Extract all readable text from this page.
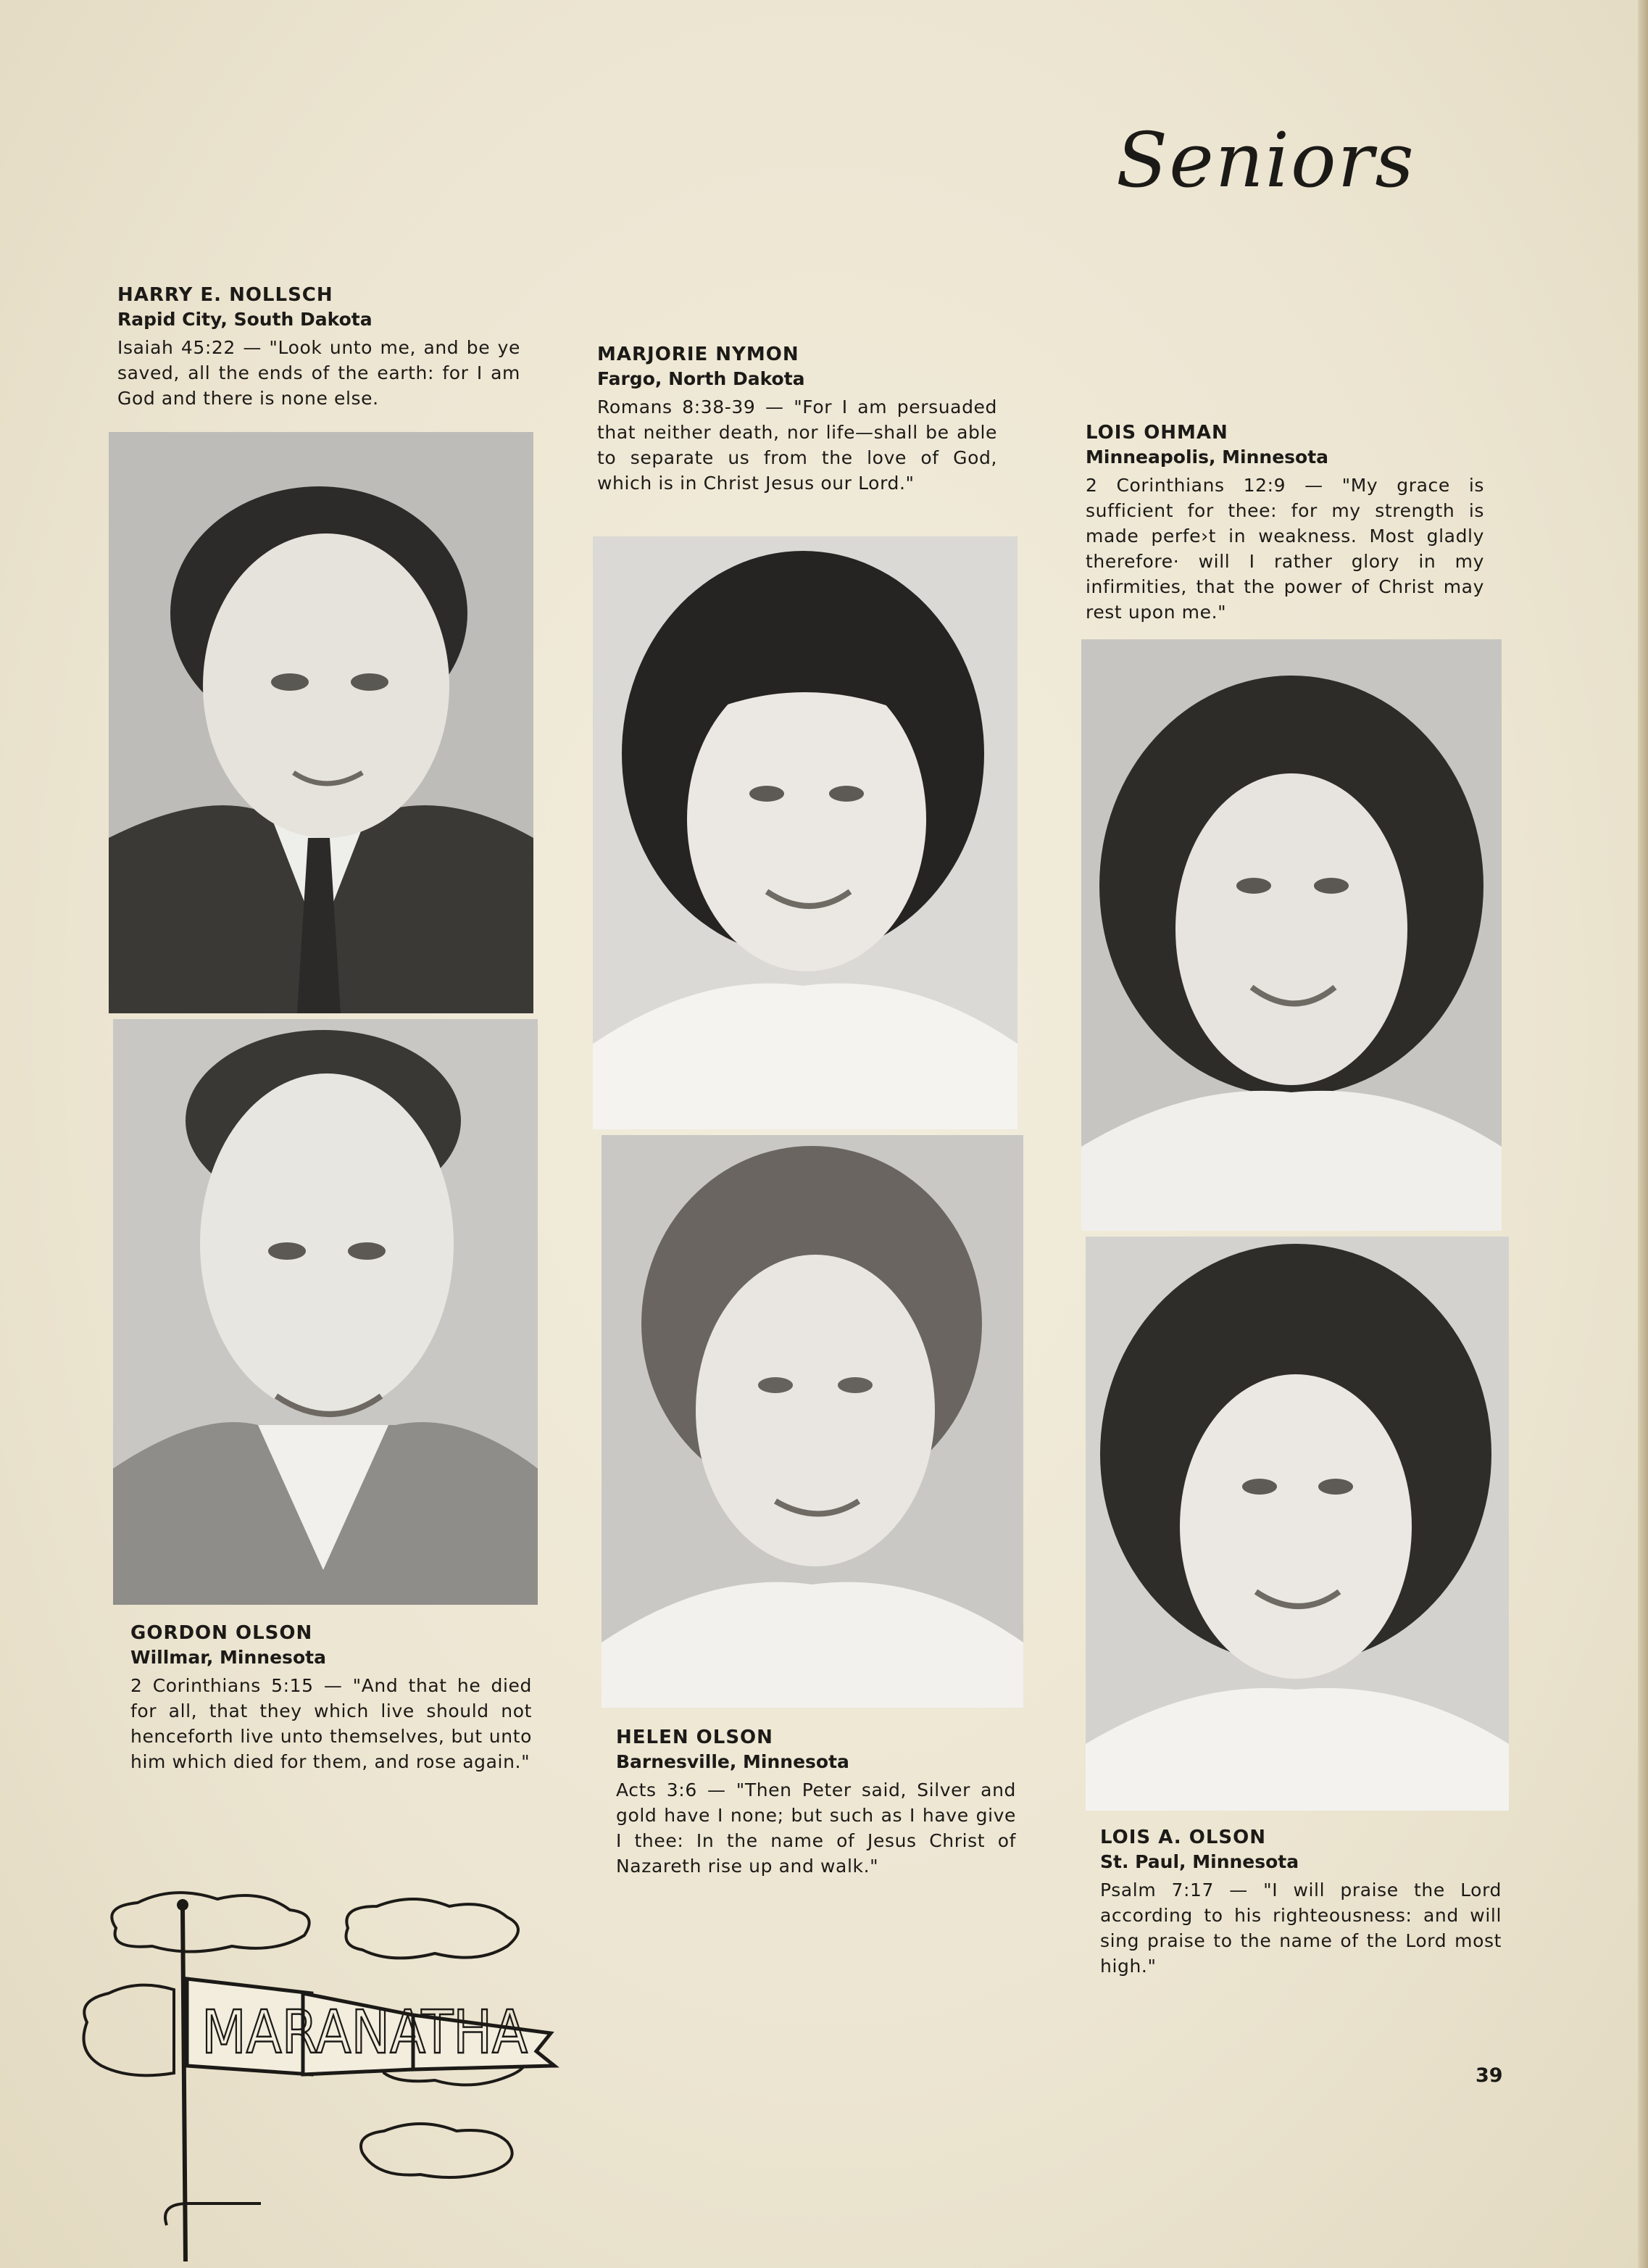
Seniors
HARRY E. NOLLSCH
Rapid City, South Dakota
Isaiah 45:22 — "Look unto me, and be ye saved, all the ends of the earth: for I am God and there is none else.
GORDON OLSON
Willmar, Minnesota
2 Corinthians 5:15 — "And that he died for all, that they which live should not henceforth live unto themselves, but unto him which died for them, and rose again."
MARJORIE NYMON
Fargo, North Dakota
Romans 8:38-39 — "For I am persuaded that neither death, nor life—shall be able to separate us from the love of God, which is in Christ Jesus our Lord."
HELEN OLSON
Barnesville, Minnesota
Acts 3:6 — "Then Peter said, Silver and gold have I none; but such as I have give I thee: In the name of Jesus Christ of Nazareth rise up and walk."
LOIS OHMAN
Minneapolis, Minnesota
2 Corinthians 12:9 — "My grace is sufficient for thee: for my strength is made perfe›t in weakness. Most gladly therefore· will I rather glory in my infirmities, that the power of Christ may rest upon me."
LOIS A. OLSON
St. Paul, Minnesota
Psalm 7:17 — "I will praise the Lord according to his righteousness: and will sing praise to the name of the Lord most high."
MARANATHA
39
